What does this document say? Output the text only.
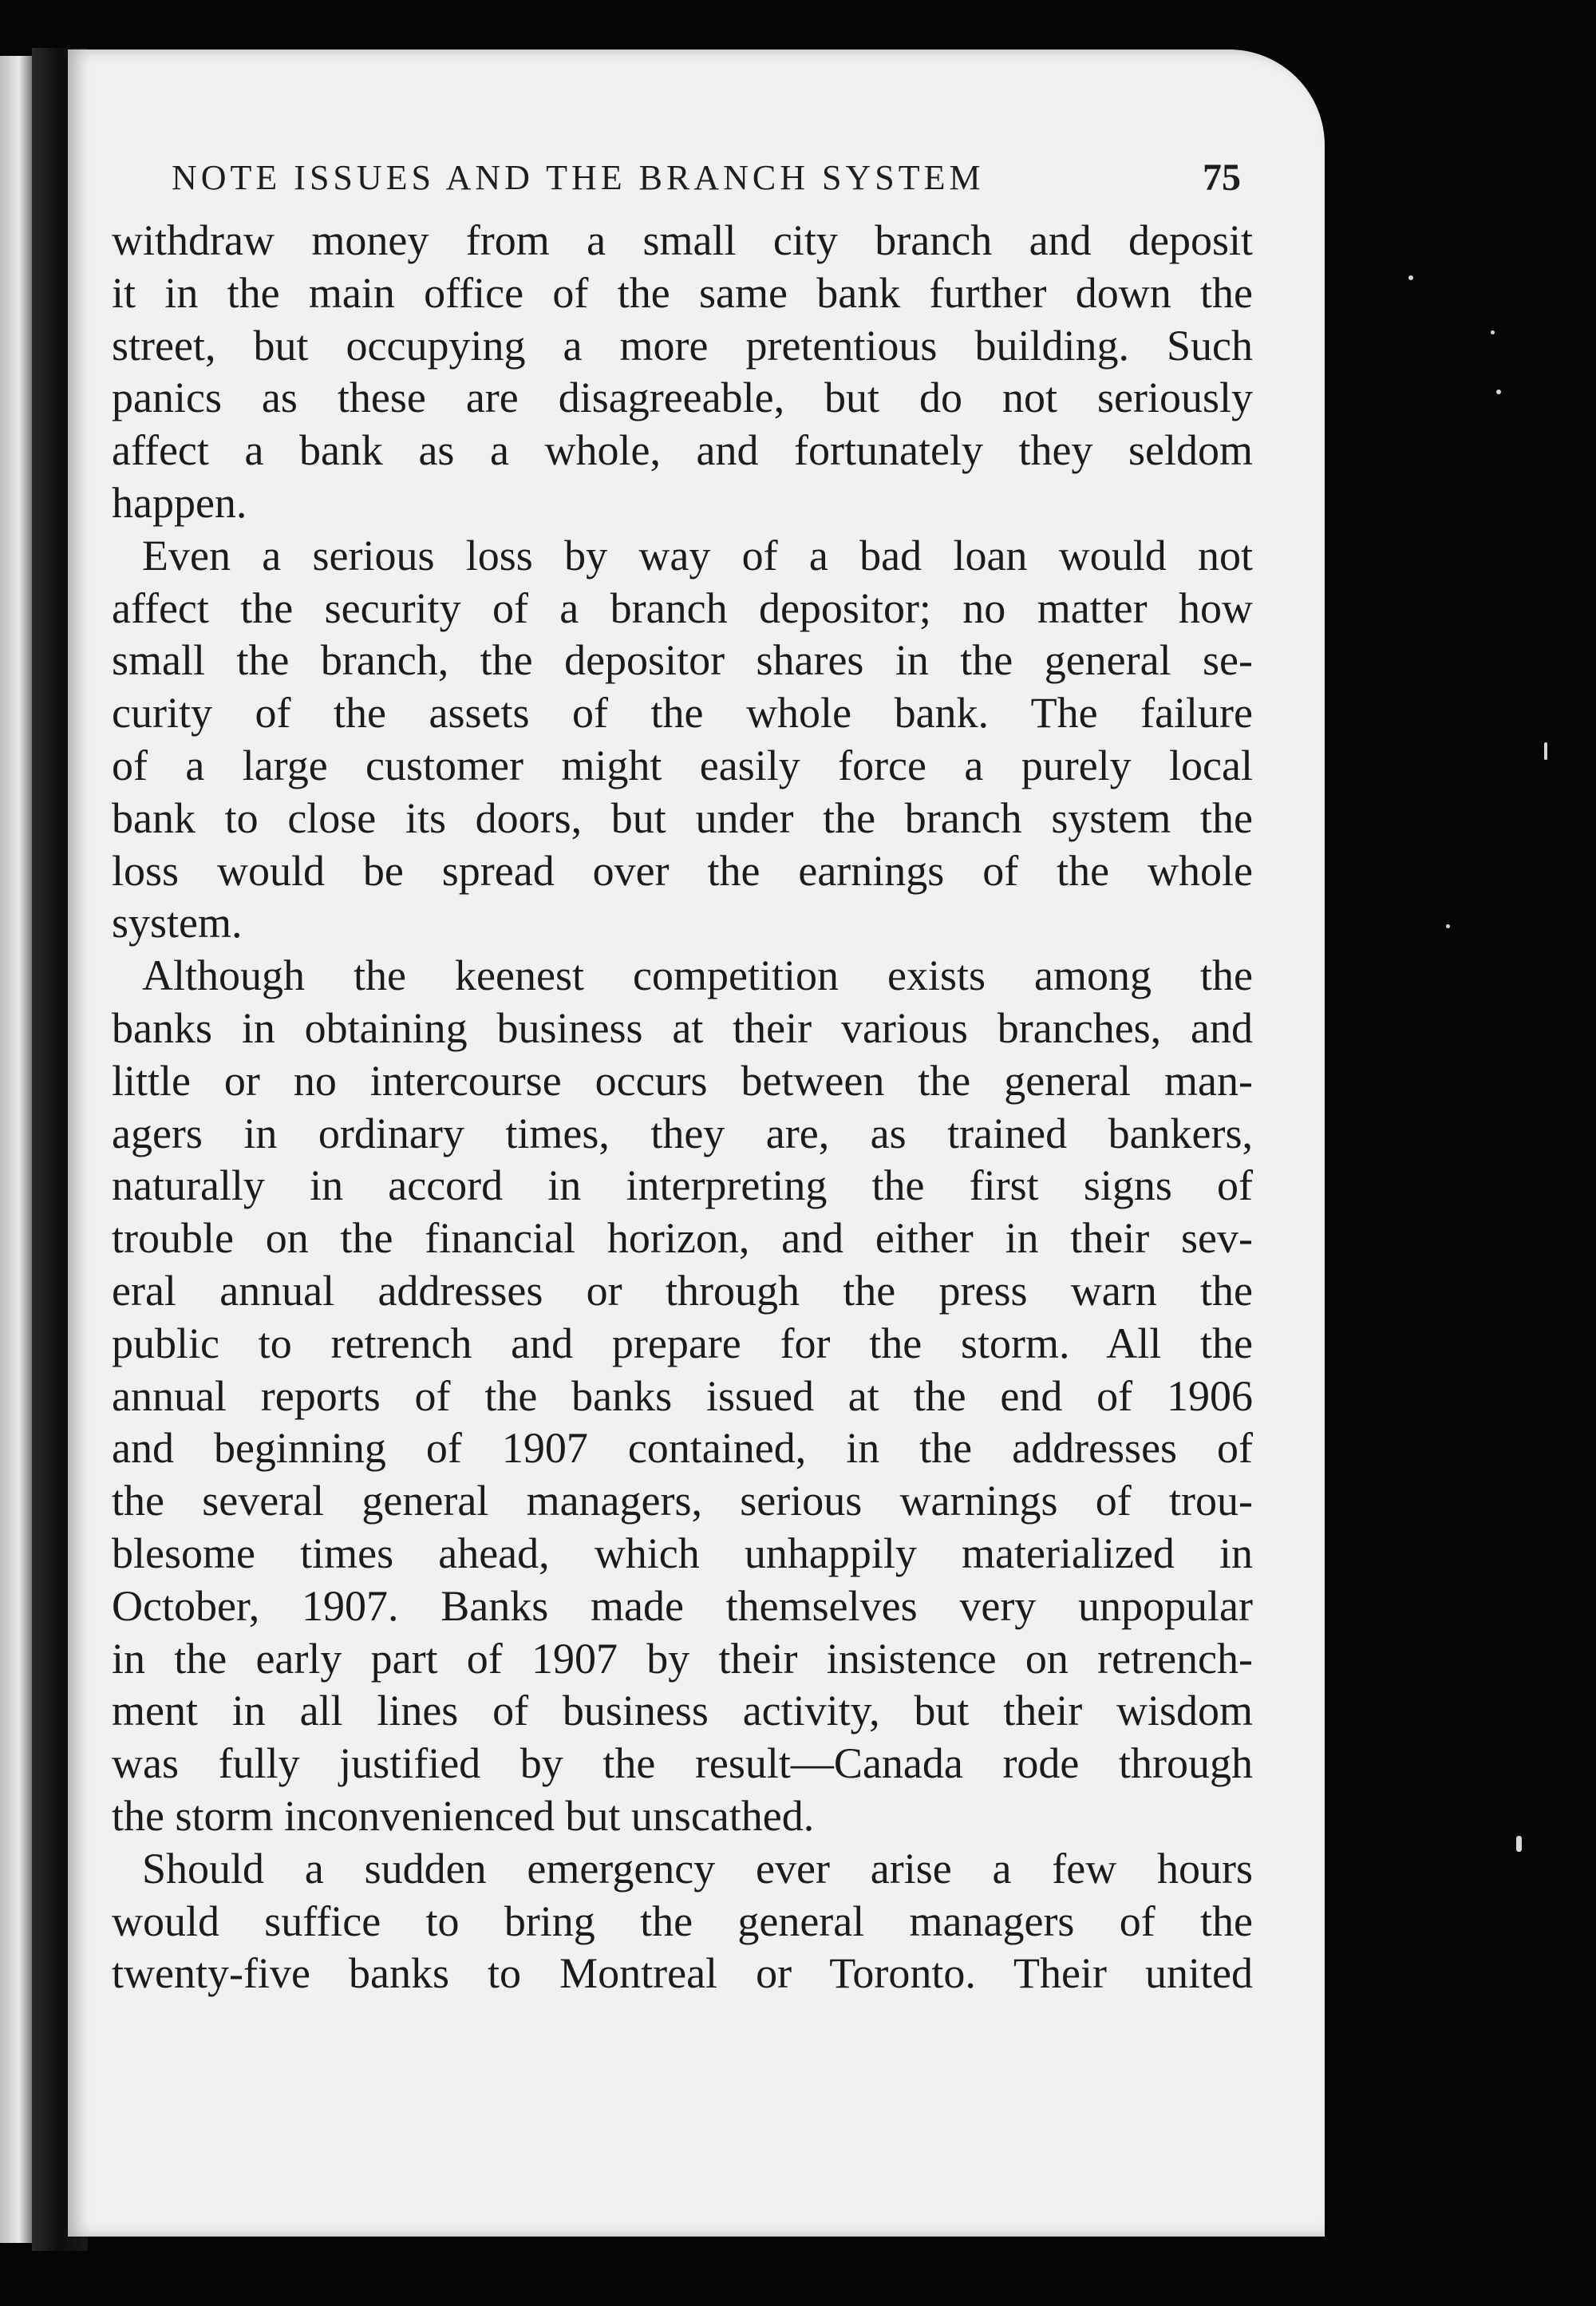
NOTE ISSUES AND THE BRANCH SYSTEM	75
withdraw money from a small city branch and deposit
it in the main office of the same bank further down the
street, but occupying a more pretentious building. Such
panics as these are disagreeable, but do not seriously
affect a bank as a whole, and fortunately they seldom
happen.
Even a serious loss by way of a bad loan would not
affect the security of a branch depositor; no matter how
small the branch, the depositor shares in the general se-
curity of the assets of the whole bank. The failure
of a large customer might easily force a purely local
bank to close its doors, but under the branch system the
loss would be spread over the earnings of the whole
system.
Although the keenest competition exists among the
banks in obtaining business at their various branches, and
little or no intercourse occurs between the general man-
agers in ordinary times, they are, as trained bankers,
naturally in accord in interpreting the first signs of
trouble on the financial horizon, and either in their sev-
eral annual addresses or through the press warn the
public to retrench and prepare for the storm. All the
annual reports of the banks issued at the end of 1906
and beginning of 1907 contained, in the addresses of
the several general managers, serious warnings of trou-
blesome times ahead, which unhappily materialized in
October, 1907. Banks made themselves very unpopular
in the early part of 1907 by their insistence on retrench-
ment in all lines of business activity, but their wisdom
was fully justified by the result—Canada rode through
the storm inconvenienced but unscathed.
Should a sudden emergency ever arise a few hours
would suffice to bring the general managers of the
twenty-five banks to Montreal or Toronto. Their united
